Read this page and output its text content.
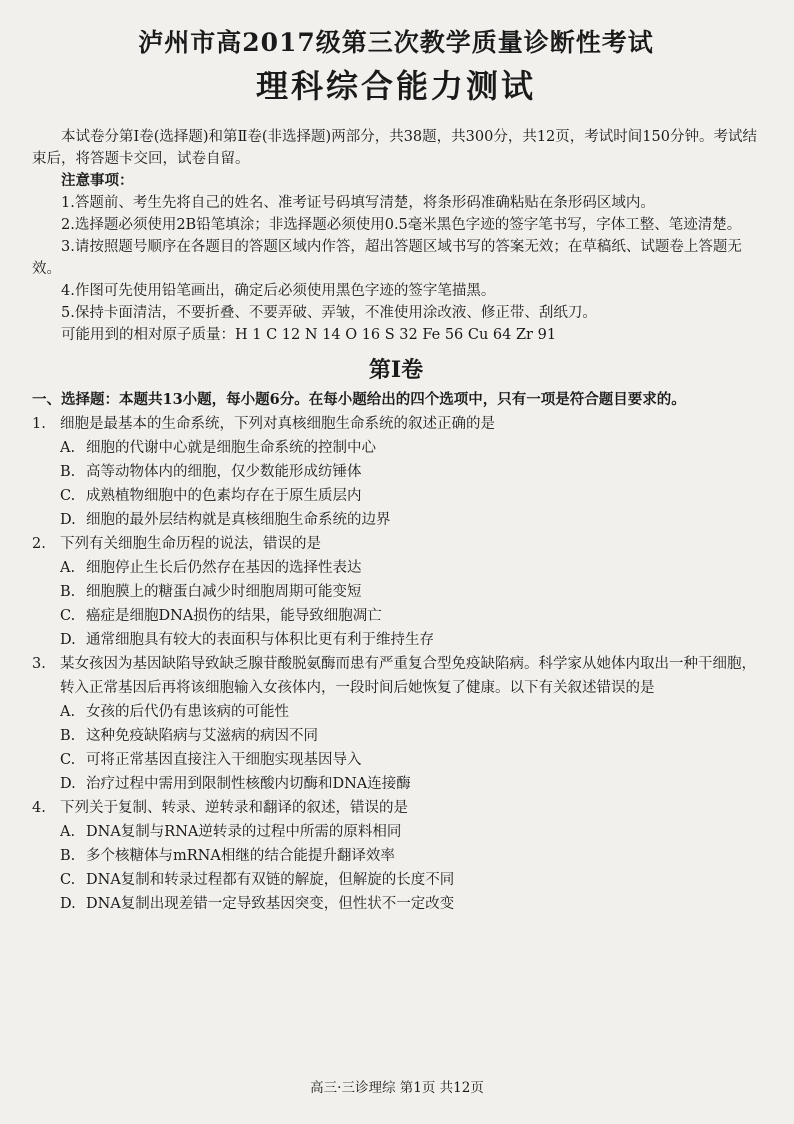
泸州市高2017级第三次教学质量诊断性考试
理科综合能力测试

本试卷分第Ⅰ卷(选择题)和第Ⅱ卷(非选择题)两部分，共38题，共300分，共12页，考试时间150分钟。考试结束后，将答题卡交回，试卷自留。

注意事项：

1.答题前、考生先将自己的姓名、准考证号码填写清楚，将条形码准确粘贴在条形码区域内。

2.选择题必须使用2B铅笔填涂；非选择题必须使用0.5毫米黑色字迹的签字笔书写，字体工整、笔迹清楚。

3.请按照题号顺序在各题目的答题区域内作答，超出答题区域书写的答案无效；在草稿纸、试题卷上答题无效。

4.作图可先使用铅笔画出，确定后必须使用黑色字迹的签字笔描黑。

5.保持卡面清洁，不要折叠、不要弄破、弄皱，不准使用涂改液、修正带、刮纸刀。

可能用到的相对原子质量：H 1 C 12 N 14 O 16 S 32 Fe 56 Cu 64 Zr 91

第Ⅰ卷

一、选择题：本题共13小题，每小题6分。在每小题给出的四个选项中，只有一项是符合题目要求的。

1. 细胞是最基本的生命系统，下列对真核细胞生命系统的叙述正确的是
A. 细胞的代谢中心就是细胞生命系统的控制中心
B. 高等动物体内的细胞，仅少数能形成纺锤体
C. 成熟植物细胞中的色素均存在于原生质层内
D. 细胞的最外层结构就是真核细胞生命系统的边界
2. 下列有关细胞生命历程的说法，错误的是
A. 细胞停止生长后仍然存在基因的选择性表达
B. 细胞膜上的糖蛋白减少时细胞周期可能变短
C. 癌症是细胞DNA损伤的结果，能导致细胞凋亡
D. 通常细胞具有较大的表面积与体积比更有利于维持生存
3. 某女孩因为基因缺陷导致缺乏腺苷酸脱氨酶而患有严重复合型免疫缺陷病。科学家从她体内取出一种干细胞，转入正常基因后再将该细胞输入女孩体内，一段时间后她恢复了健康。以下有关叙述错误的是
A. 女孩的后代仍有患该病的可能性
B. 这种免疫缺陷病与艾滋病的病因不同
C. 可将正常基因直接注入干细胞实现基因导入
D. 治疗过程中需用到限制性核酸内切酶和DNA连接酶
4. 下列关于复制、转录、逆转录和翻译的叙述，错误的是
A. DNA复制与RNA逆转录的过程中所需的原料相同
B. 多个核糖体与mRNA相继的结合能提升翻译效率
C. DNA复制和转录过程都有双链的解旋，但解旋的长度不同
D. DNA复制出现差错一定导致基因突变，但性状不一定改变
高三·三诊理综 第1页 共12页
